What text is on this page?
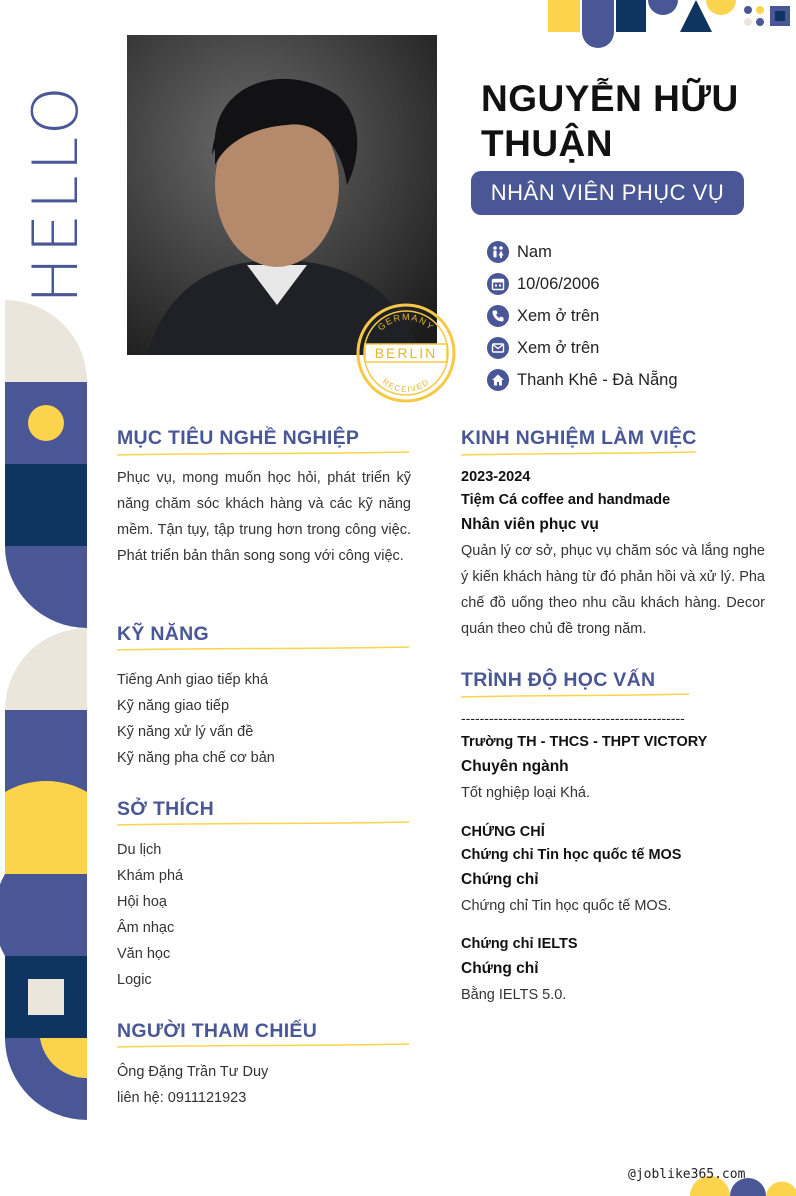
HELLO
GERMANY
BERLIN
RECEIVED
NGUYỄN HỮU THUẬN
NHÂN VIÊN PHỤC VỤ
Nam
10/06/2006
Xem ở trên
Xem ở trên
Thanh Khê - Đà Nẵng
MỤC TIÊU NGHỀ NGHIỆP
Phục vụ, mong muốn học hỏi, phát triển kỹ năng chăm sóc khách hàng và các kỹ năng mềm. Tận tụy, tập trung hơn trong công việc. Phát triển bản thân song song với công việc.
KỸ NĂNG
Tiếng Anh giao tiếp khá
Kỹ năng giao tiếp
Kỹ năng xử lý vấn đề
Kỹ năng pha chế cơ bản
SỞ THÍCH
Du lịch
Khám phá
Hội hoạ
Âm nhạc
Văn học
Logic
NGƯỜI THAM CHIẾU
Ông Đặng Trần Tư Duy
liên hệ: 0911121923
KINH NGHIỆM LÀM VIỆC
2023-2024
Tiệm Cá coffee and handmade
Nhân viên phục vụ
Quản lý cơ sở, phục vụ chăm sóc và lắng nghe ý kiến khách hàng từ đó phản hồi và xử lý. Pha chế đồ uống theo nhu cầu khách hàng. Decor quán theo chủ đề trong năm.
TRÌNH ĐỘ HỌC VẤN
------------------------------------------------
Trường TH - THCS - THPT VICTORY
Chuyên ngành
Tốt nghiệp loại Khá.
CHỨNG CHỈ
Chứng chỉ Tin học quốc tế MOS
Chứng chỉ
Chứng chỉ Tin học quốc tế MOS.
Chứng chỉ IELTS
Chứng chỉ
Bằng IELTS 5.0.
@joblike365.com
